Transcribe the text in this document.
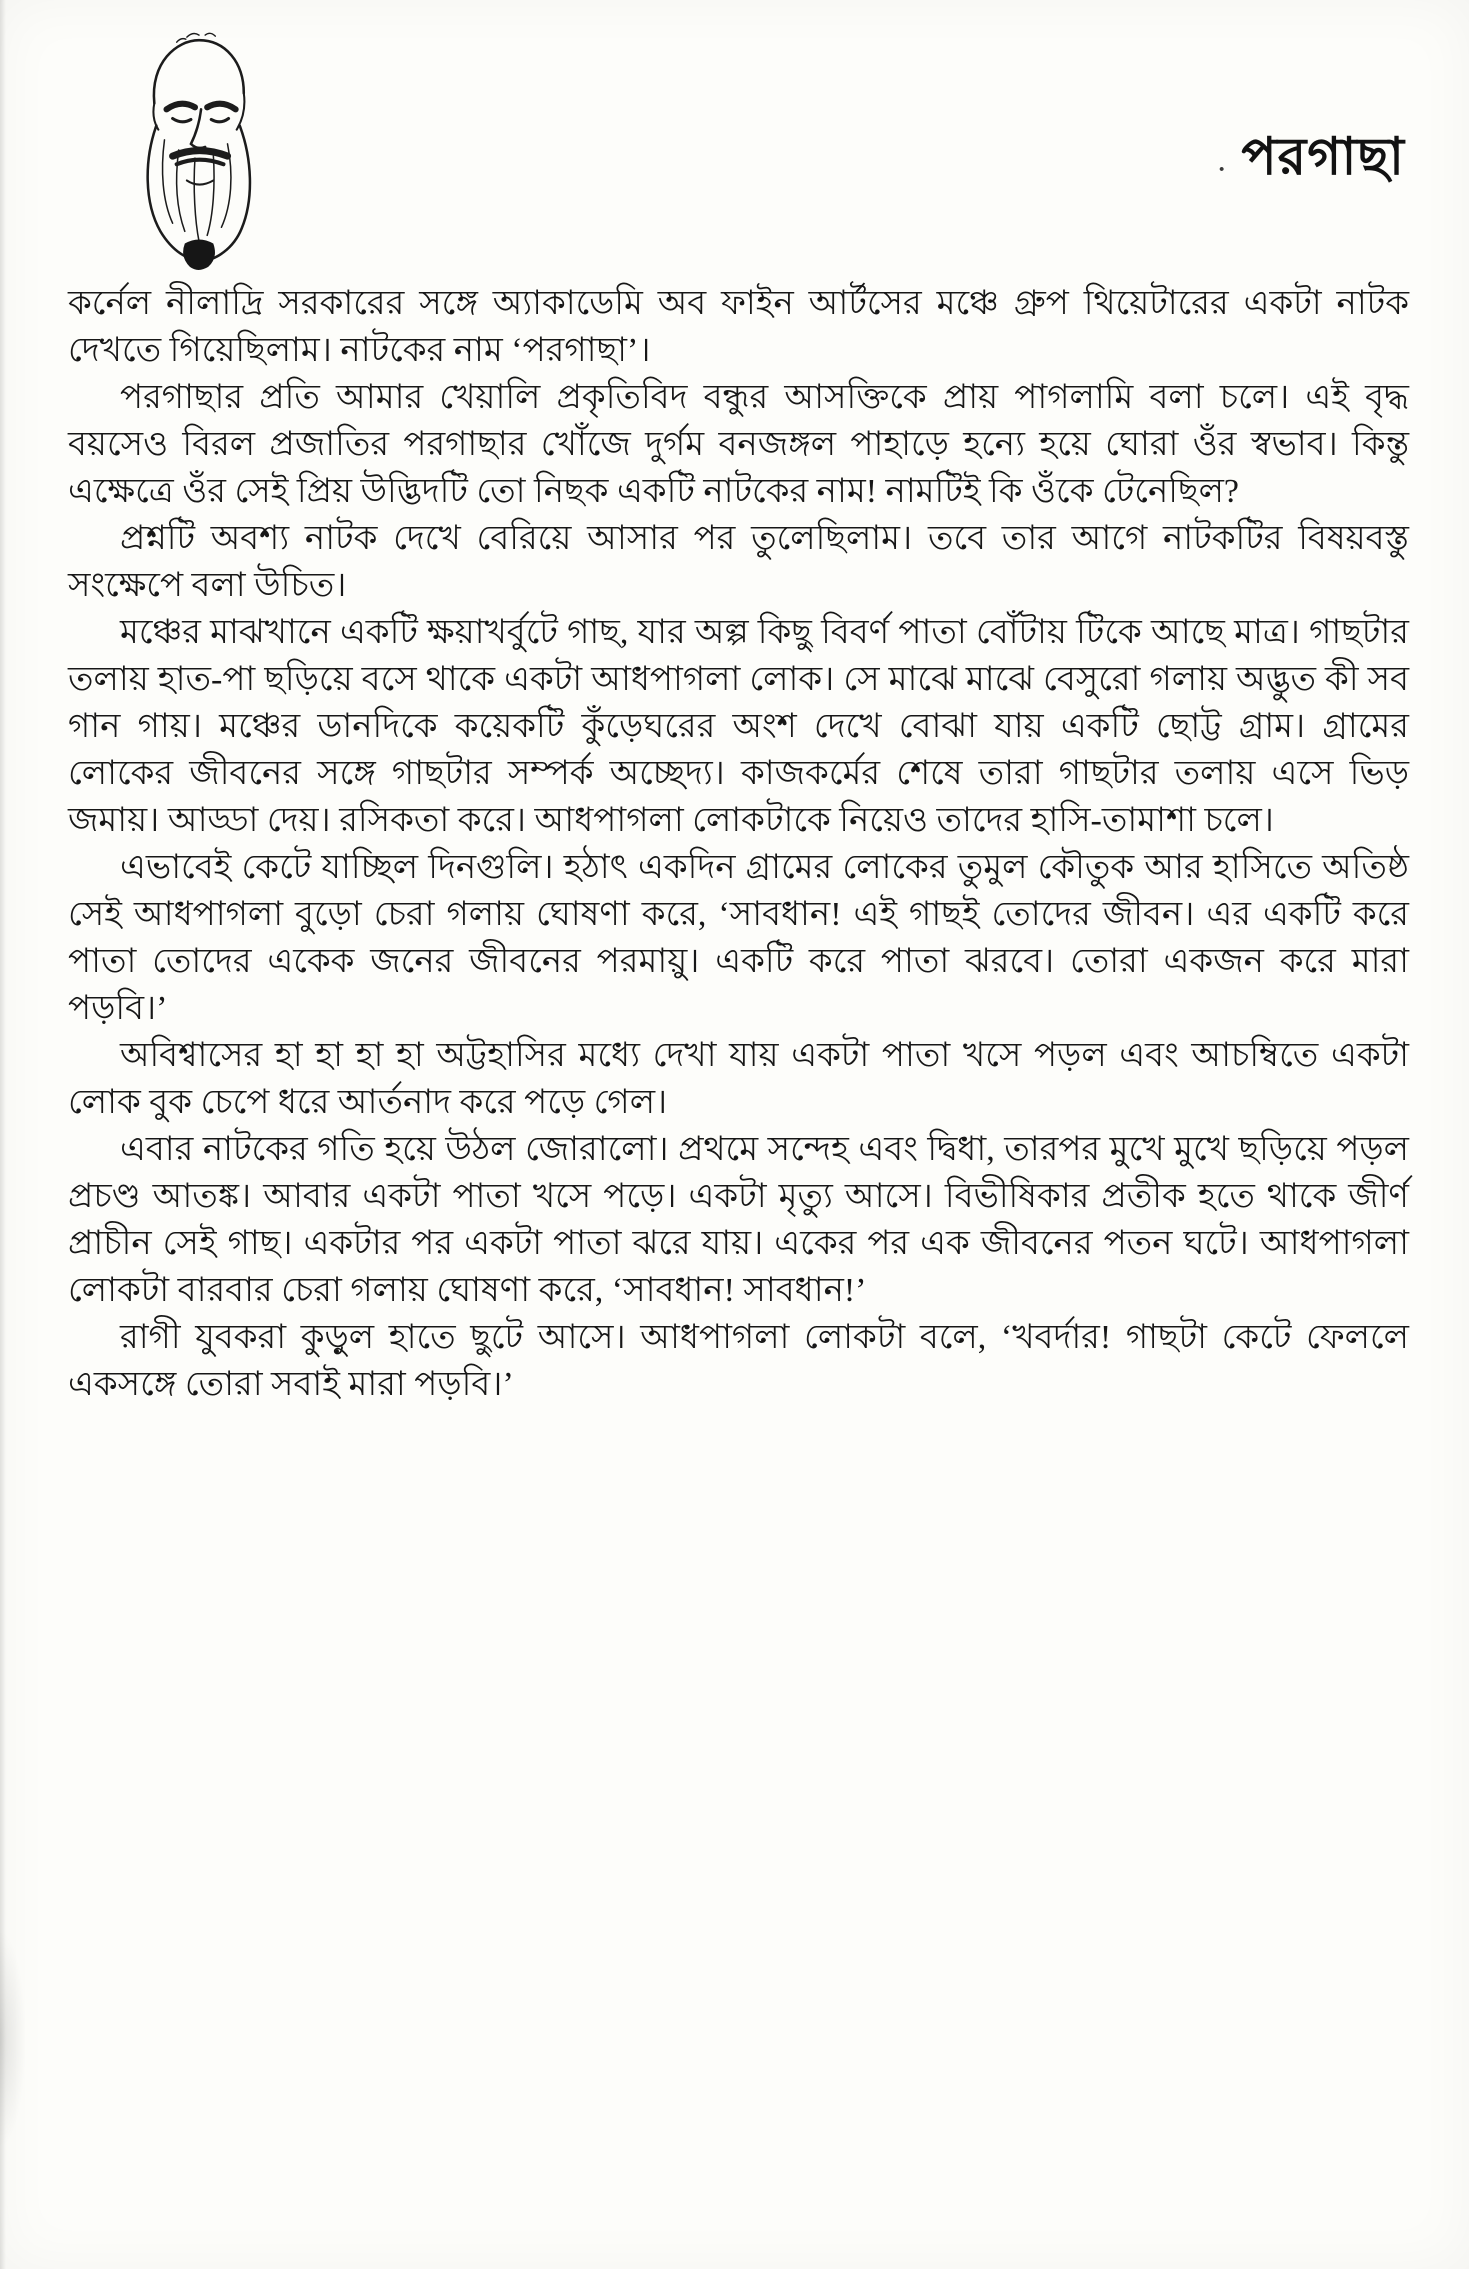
· পরগাছা

কর্নেল নীলাদ্রি সরকারের সঙ্গে অ্যাকাডেমি অব ফাইন আর্টসের মঞ্চে গ্রুপ থিয়েটারের একটা নাটক দেখতে গিয়েছিলাম। নাটকের নাম ‘পরগাছা’।

পরগাছার প্রতি আমার খেয়ালি প্রকৃতিবিদ বন্ধুর আসক্তিকে প্রায় পাগলামি বলা চলে। এই বৃদ্ধ বয়সেও বিরল প্রজাতির পরগাছার খোঁজে দুর্গম বনজঙ্গল পাহাড়ে হন্যে হয়ে ঘোরা ওঁর স্বভাব। কিন্তু এক্ষেত্রে ওঁর সেই প্রিয় উদ্ভিদটি তো নিছক একটি নাটকের নাম! নামটিই কি ওঁকে টেনেছিল?

প্রশ্নটি অবশ্য নাটক দেখে বেরিয়ে আসার পর তুলেছিলাম। তবে তার আগে নাটকটির বিষয়বস্তু সংক্ষেপে বলা উচিত।

মঞ্চের মাঝখানে একটি ক্ষয়াখর্বুটে গাছ, যার অল্প কিছু বিবর্ণ পাতা বোঁটায় টিকে আছে মাত্র। গাছটার তলায় হাত-পা ছড়িয়ে বসে থাকে একটা আধপাগলা লোক। সে মাঝে মাঝে বেসুরো গলায় অদ্ভুত কী সব গান গায়। মঞ্চের ডানদিকে কয়েকটি কুঁড়েঘরের অংশ দেখে বোঝা যায় একটি ছোট্ট গ্রাম। গ্রামের লোকের জীবনের সঙ্গে গাছটার সম্পর্ক অচ্ছেদ্য। কাজকর্মের শেষে তারা গাছটার তলায় এসে ভিড় জমায়। আড্ডা দেয়। রসিকতা করে। আধপাগলা লোকটাকে নিয়েও তাদের হাসি-তামাশা চলে।

এভাবেই কেটে যাচ্ছিল দিনগুলি। হঠাৎ একদিন গ্রামের লোকের তুমুল কৌতুক আর হাসিতে অতিষ্ঠ সেই আধপাগলা বুড়ো চেরা গলায় ঘোষণা করে, ‘সাবধান! এই গাছই তোদের জীবন। এর একটি করে পাতা তোদের একেক জনের জীবনের পরমায়ু। একটি করে পাতা ঝরবে। তোরা একজন করে মারা পড়বি।’

অবিশ্বাসের হা হা হা হা অট্টহাসির মধ্যে দেখা যায় একটা পাতা খসে পড়ল এবং আচম্বিতে একটা লোক বুক চেপে ধরে আর্তনাদ করে পড়ে গেল।

এবার নাটকের গতি হয়ে উঠল জোরালো। প্রথমে সন্দেহ এবং দ্বিধা, তারপর মুখে মুখে ছড়িয়ে পড়ল প্রচণ্ড আতঙ্ক। আবার একটা পাতা খসে পড়ে। একটা মৃত্যু আসে। বিভীষিকার প্রতীক হতে থাকে জীর্ণ প্রাচীন সেই গাছ। একটার পর একটা পাতা ঝরে যায়। একের পর এক জীবনের পতন ঘটে। আধপাগলা লোকটা বারবার চেরা গলায় ঘোষণা করে, ‘সাবধান! সাবধান!’

রাগী যুবকরা কুড়ুল হাতে ছুটে আসে। আধপাগলা লোকটা বলে, ‘খবর্দার! গাছটা কেটে ফেললে একসঙ্গে তোরা সবাই মারা পড়বি।’
